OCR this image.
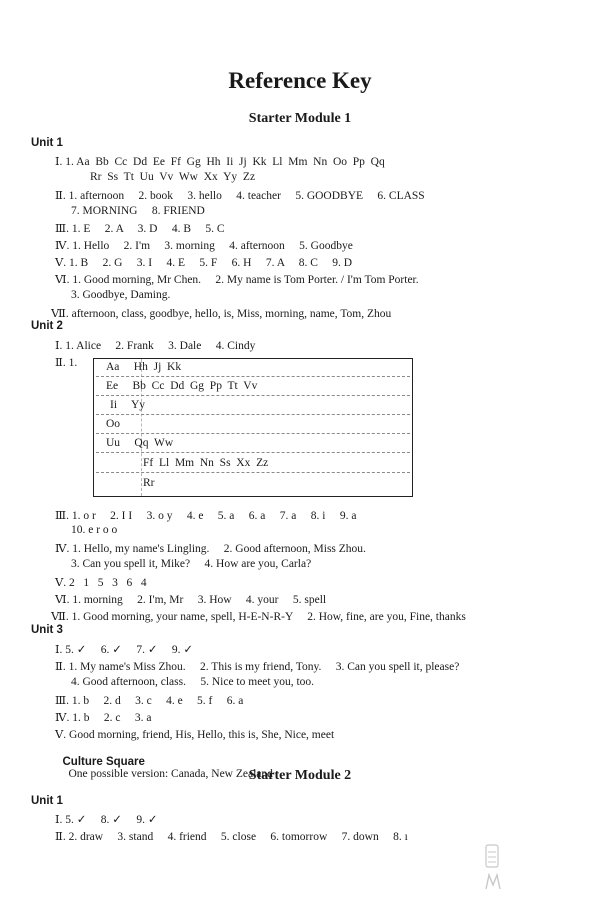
Reference Key
Starter Module 1
Unit 1
Ⅰ. 1. Aa  Bb  Cc  Dd  Ee  Ff  Gg  Hh  Ii  Jj  Kk  Ll  Mm  Nn  Oo  Pp  Qq
Rr  Ss  Tt  Uu  Vv  Ww  Xx  Yy  Zz
Ⅱ. 1. afternoon     2. book     3. hello     4. teacher     5. GOODBYE     6. CLASS
7. MORNING     8. FRIEND
Ⅲ. 1. E     2. A     3. D     4. B     5. C
Ⅳ. 1. Hello     2. I'm     3. morning     4. afternoon     5. Goodbye
Ⅴ. 1. B     2. G     3. I     4. E     5. F     6. H     7. A     8. C     9. D
Ⅵ. 1. Good morning, Mr Chen.     2. My name is Tom Porter. / I'm Tom Porter.
3. Goodbye, Daming.
Ⅶ. afternoon, class, goodbye, hello, is, Miss, morning, name, Tom, Zhou
Unit 2
Ⅰ. 1. Alice     2. Frank     3. Dale     4. Cindy
Ⅱ. 1.	Aa     Hh  Jj  Kk
Ee     Bb  Cc  Dd  Gg  Pp  Tt  Vv
Ii     Yy
Oo
Uu     Qq  Ww
Ff  Ll  Mm  Nn  Ss  Xx  Zz
Rr
Ⅲ. 1. o r     2. I I     3. o y     4. e     5. a     6. a     7. a     8. i     9. a
10. e r o o
Ⅳ. 1. Hello, my name's Lingling.     2. Good afternoon, Miss Zhou.
3. Can you spell it, Mike?     4. How are you, Carla?
Ⅴ. 2   1   5   3   6   4
Ⅵ. 1. morning     2. I'm, Mr     3. How     4. your     5. spell
Ⅶ. 1. Good morning, your name, spell, H-E-N-R-Y     2. How, fine, are you, Fine, thanks
Unit 3
Ⅰ. 5. ✓     6. ✓     7. ✓     9. ✓
Ⅱ. 1. My name's Miss Zhou.     2. This is my friend, Tony.     3. Can you spell it, please?
4. Good afternoon, class.     5. Nice to meet you, too.
Ⅲ. 1. b     2. d     3. c     4. e     5. f     6. a
Ⅳ. 1. b     2. c     3. a
Ⅴ. Good morning, friend, His, Hello, this is, She, Nice, meet

Culture Square
One possible version: Canada, New Zealand

Starter Module 2
Unit 1
Ⅰ. 5. ✓     8. ✓     9. ✓
Ⅱ. 2. draw     3. stand     4. friend     5. close     6. tomorrow     7. down     8. ı
